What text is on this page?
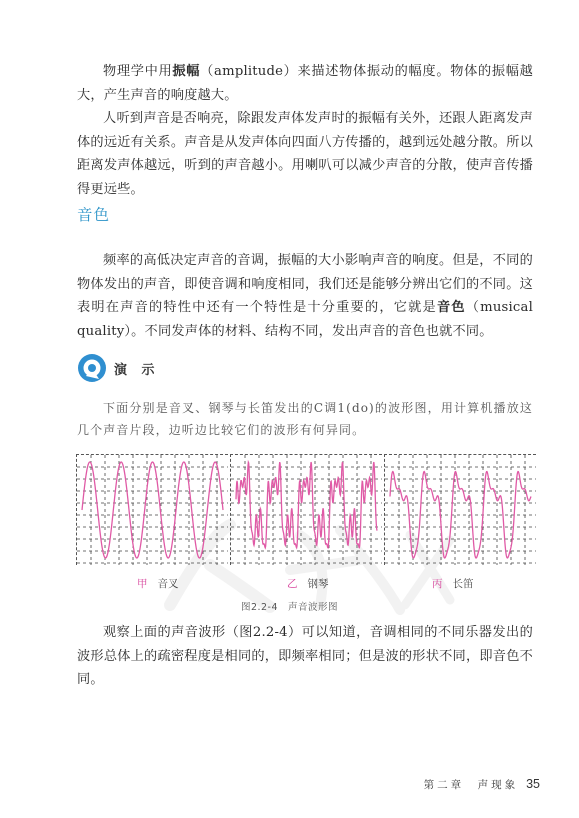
物理学中用振幅（amplitude）来描述物体振动的幅度。物体的振幅越大，产生声音的响度越大。

人听到声音是否响亮，除跟发声体发声时的振幅有关外，还跟人距离发声体的远近有关系。声音是从发声体向四面八方传播的，越到远处越分散。所以距离发声体越远，听到的声音越小。用喇叭可以减少声音的分散，使声音传播得更远些。

音色

频率的高低决定声音的音调，振幅的大小影响声音的响度。但是，不同的物体发出的声音，即使音调和响度相同，我们还是能够分辨出它们的不同。这表明在声音的特性中还有一个特性是十分重要的，它就是音色（musical quality）。不同发声体的材料、结构不同，发出声音的音色也就不同。

演 示

下面分别是音叉、钢琴与长笛发出的C调1(do)的波形图，用计算机播放这几个声音片段，边听边比较它们的波形有何异同。

甲 音叉	乙 钢琴	丙 长笛
图2.2-4 声音波形图

观察上面的声音波形（图2.2-4）可以知道，音调相同的不同乐器发出的波形总体上的疏密程度是相同的，即频率相同；但是波的形状不同，即音色不同。

第二章　声现象 35
